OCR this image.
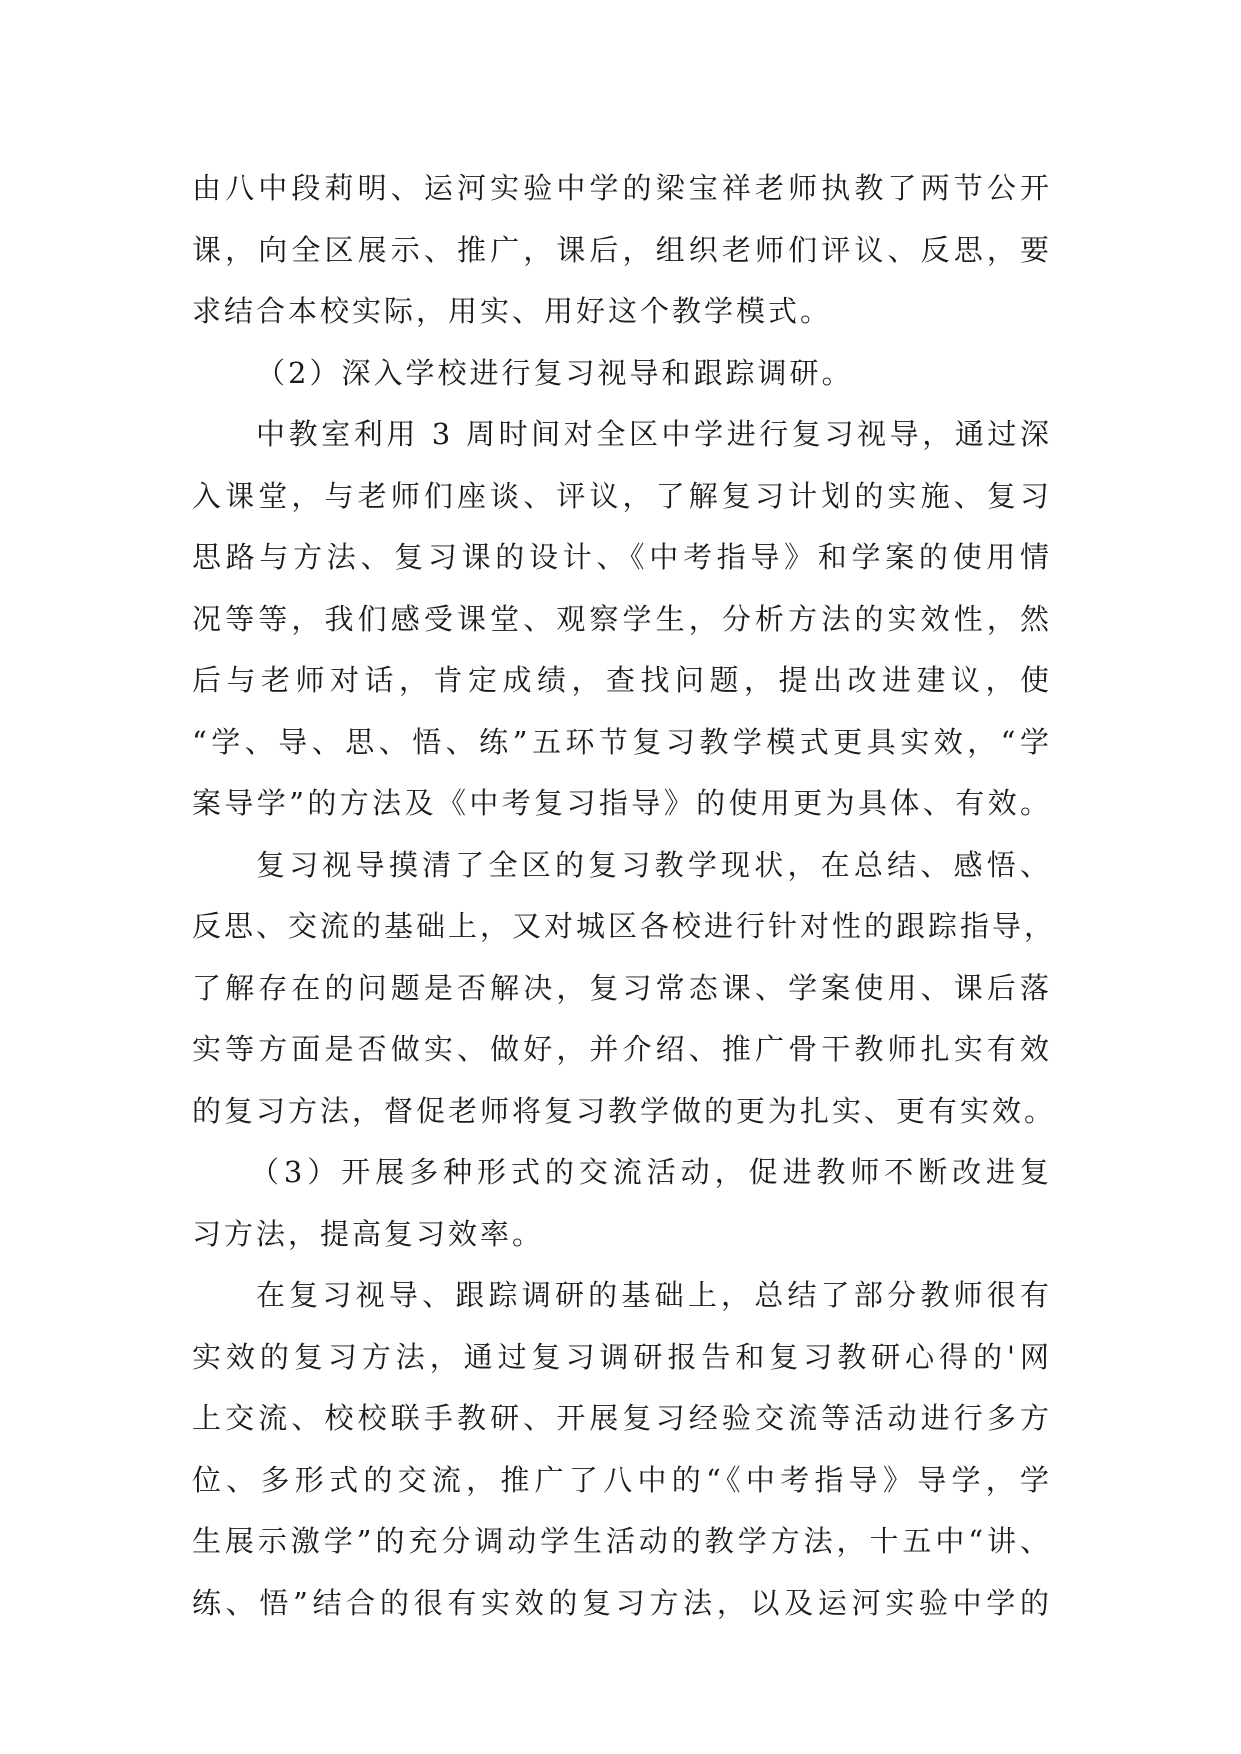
由八中段莉明、运河实验中学的梁宝祥老师执教了两节公开
课，向全区展示、推广，课后，组织老师们评议、反思，要
求结合本校实际，用实、用好这个教学模式。
（2）深入学校进行复习视导和跟踪调研。
中教室利用 3 周时间对全区中学进行复习视导，通过深
入课堂，与老师们座谈、评议，了解复习计划的实施、复习
思路与方法、复习课的设计、《中考指导》和学案的使用情
况等等，我们感受课堂、观察学生，分析方法的实效性，然
后与老师对话，肯定成绩，查找问题，提出改进建议，使
“学、导、思、悟、练”五环节复习教学模式更具实效，“学
案导学”的方法及《中考复习指导》的使用更为具体、有效。
复习视导摸清了全区的复习教学现状，在总结、感悟、
反思、交流的基础上，又对城区各校进行针对性的跟踪指导，
了解存在的问题是否解决，复习常态课、学案使用、课后落
实等方面是否做实、做好，并介绍、推广骨干教师扎实有效
的复习方法，督促老师将复习教学做的更为扎实、更有实效。
（3）开展多种形式的交流活动，促进教师不断改进复
习方法，提高复习效率。
在复习视导、跟踪调研的基础上，总结了部分教师很有
实效的复习方法，通过复习调研报告和复习教研心得的'网
上交流、校校联手教研、开展复习经验交流等活动进行多方
位、多形式的交流，推广了八中的“《中考指导》导学，学
生展示激学”的充分调动学生活动的教学方法，十五中“讲、
练、悟”结合的很有实效的复习方法，以及运河实验中学的
